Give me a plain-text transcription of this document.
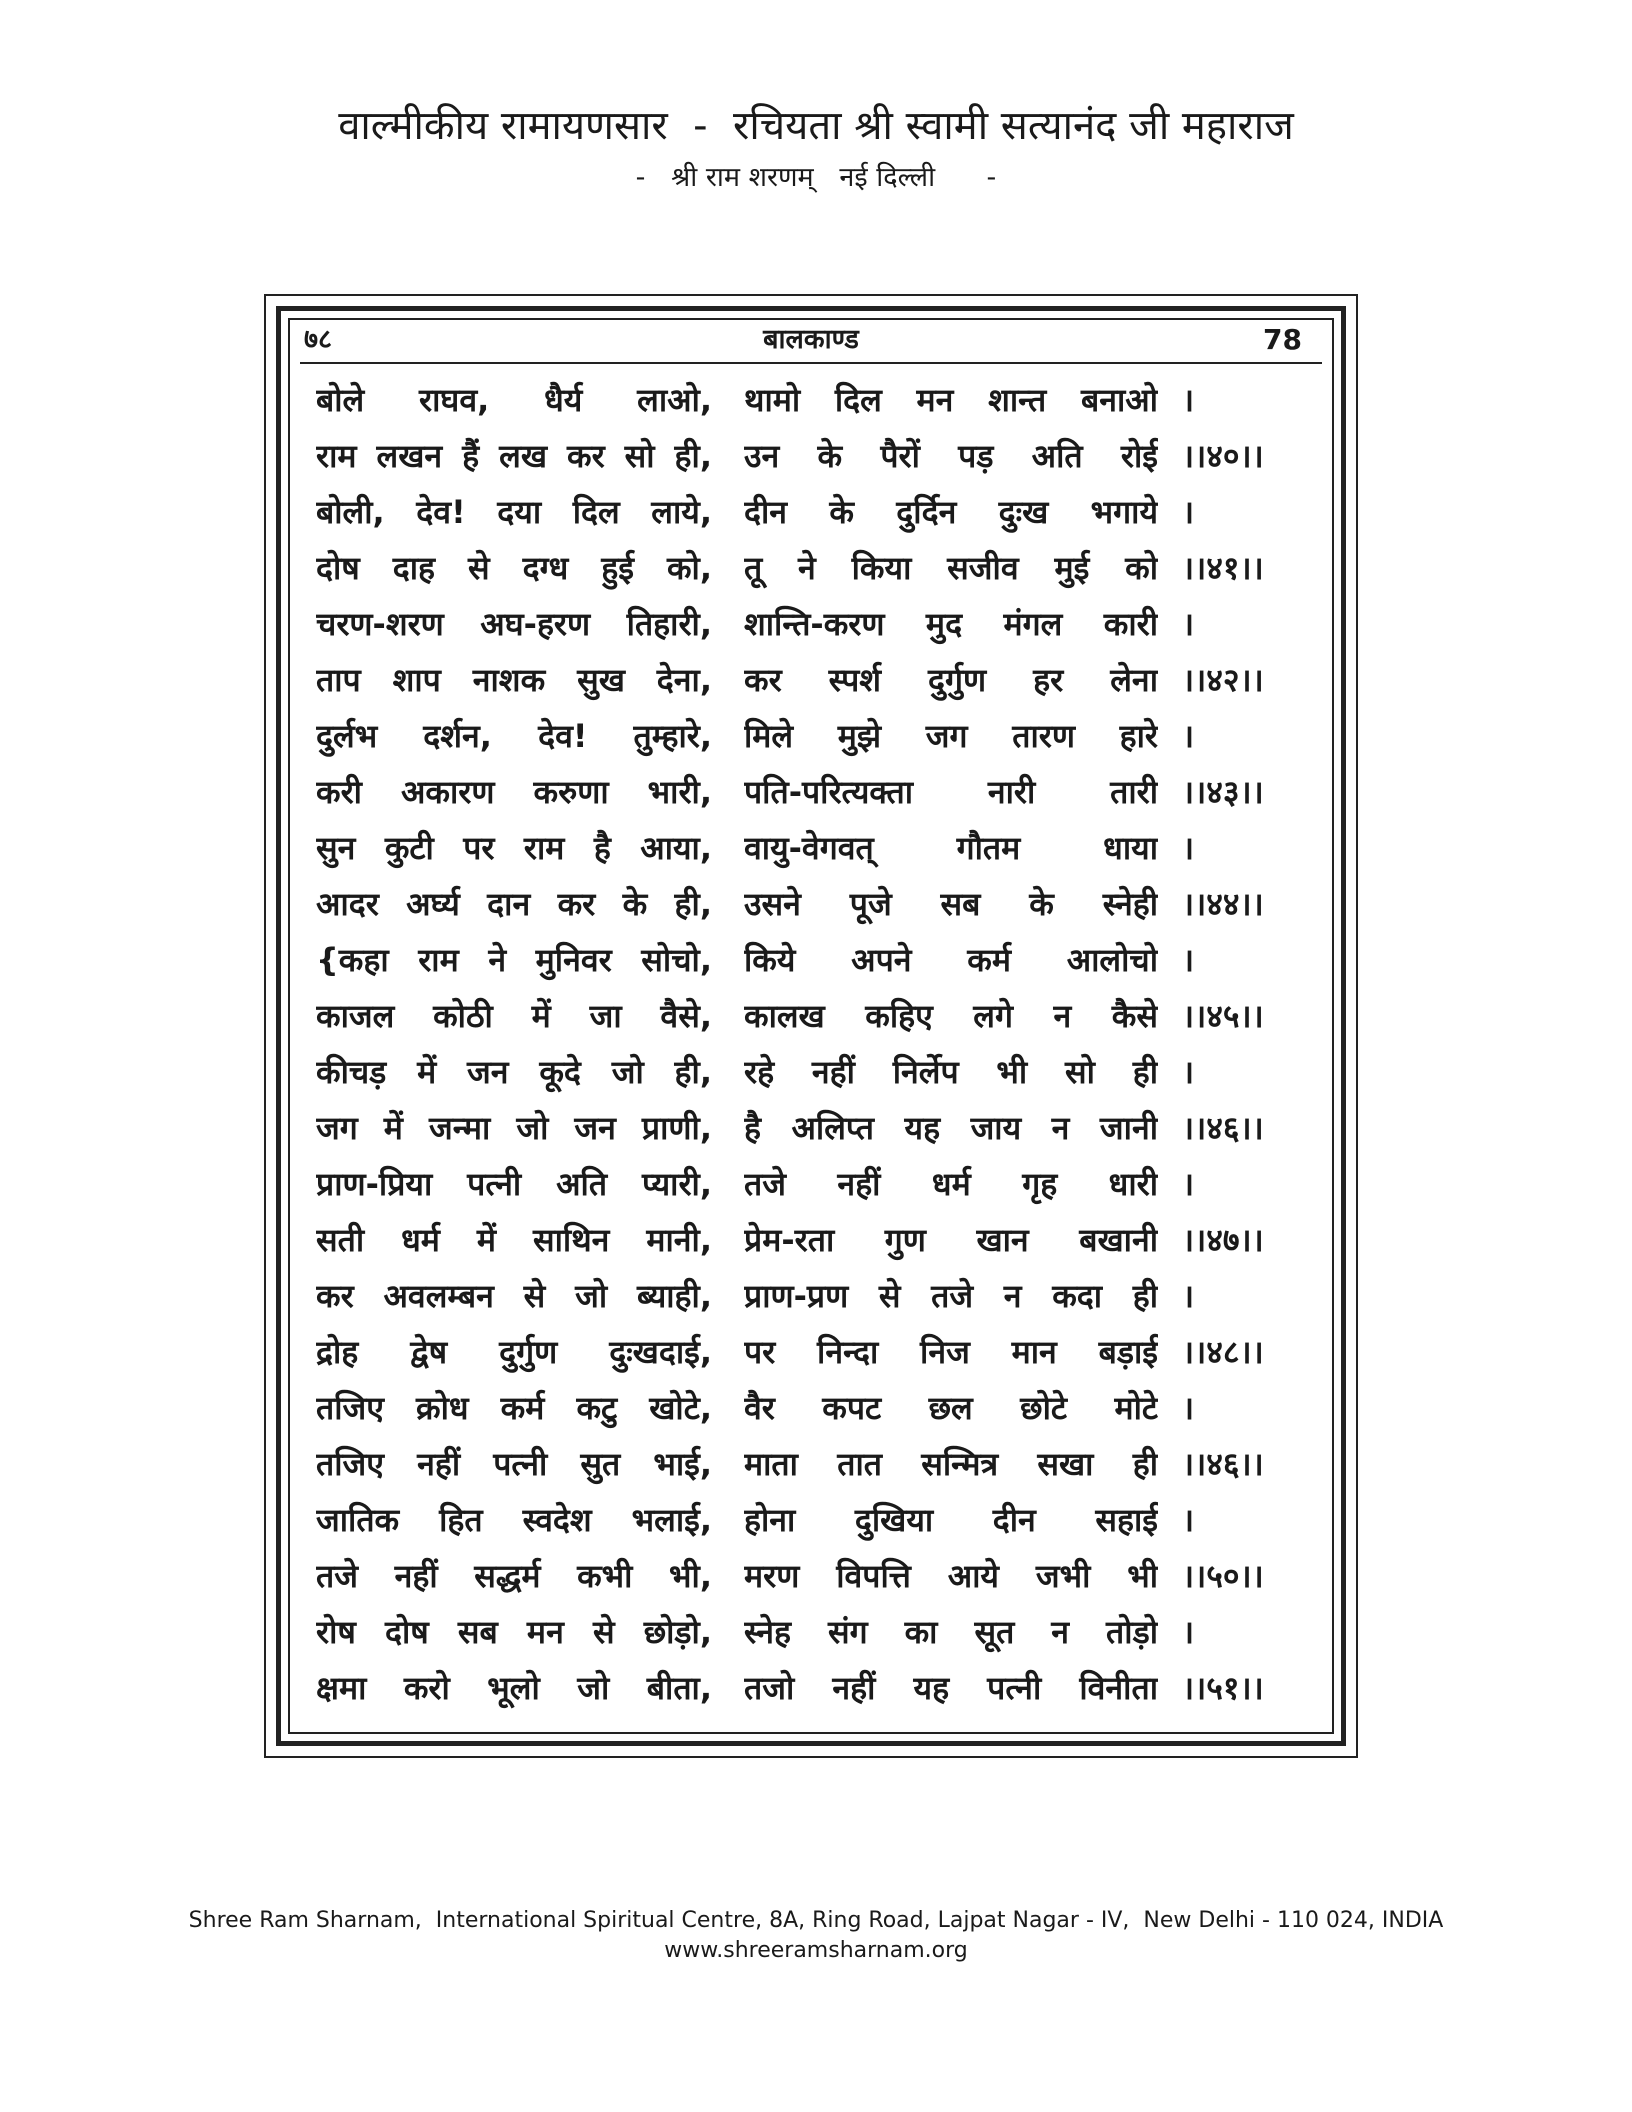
वाल्मीकीय रामायणसार  -  रचियता श्री स्वामी सत्यानंद जी महाराज
-   श्री राम शरणम्   नई दिल्ली      -
७८	बालकाण्ड	78
बोले राघव, धैर्य लाओ, थामो दिल मन शान्त बनाओ ।
राम लखन हैं लख कर सो ही, उन के पैरों पड़ अति रोई ।।४०।।
बोली, देव! दया दिल लाये, दीन के दुर्दिन दुःख भगाये ।
दोष दाह से दग्ध हुई को, तू ने किया सजीव मुई को ।।४१।।
चरण-शरण अघ-हरण तिहारी, शान्ति-करण मुद मंगल कारी ।
ताप शाप नाशक सुख देना, कर स्पर्श दुर्गुण हर लेना ।।४२।।
दुर्लभ दर्शन, देव! तुम्हारे, मिले मुझे जग तारण हारे ।
करी अकारण करुणा भारी, पति-परित्यक्ता नारी तारी ।।४३।।
सुन कुटी पर राम है आया, वायु-वेगवत् गौतम धाया ।
आदर अर्घ्य दान कर के ही, उसने पूजे सब के स्नेही ।।४४।।
{कहा राम ने मुनिवर सोचो, किये अपने कर्म आलोचो ।
काजल कोठी में जा वैसे, कालख कहिए लगे न कैसे ।।४५।।
कीचड़ में जन कूदे जो ही, रहे नहीं निर्लेप भी सो ही ।
जग में जन्मा जो जन प्राणी, है अलिप्त यह जाय न जानी ।।४६।।
प्राण-प्रिया पत्नी अति प्यारी, तजे नहीं धर्म गृह धारी ।
सती धर्म में साथिन मानी, प्रेम-रता गुण खान बखानी ।।४७।।
कर अवलम्बन से जो ब्याही, प्राण-प्रण से तजे न कदा ही ।
द्रोह द्वेष दुर्गुण दुःखदाई, पर निन्दा निज मान बड़ाई ।।४८।।
तजिए क्रोध कर्म कटु खोटे, वैर कपट छल छोटे मोटे ।
तजिए नहीं पत्नी सुत भाई, माता तात सन्मित्र सखा ही ।।४६।।
जातिक हित स्वदेश भलाई, होना दुखिया दीन सहाई ।
तजे नहीं सद्धर्म कभी भी, मरण विपत्ति आये जभी भी ।।५०।।
रोष दोष सब मन से छोड़ो, स्नेह संग का सूत न तोड़ो ।
क्षमा करो भूलो जो बीता, तजो नहीं यह पत्नी विनीता ।।५१।।
Shree Ram Sharnam,  International Spiritual Centre, 8A, Ring Road, Lajpat Nagar - IV,  New Delhi - 110 024, INDIA
www.shreeramsharnam.org
